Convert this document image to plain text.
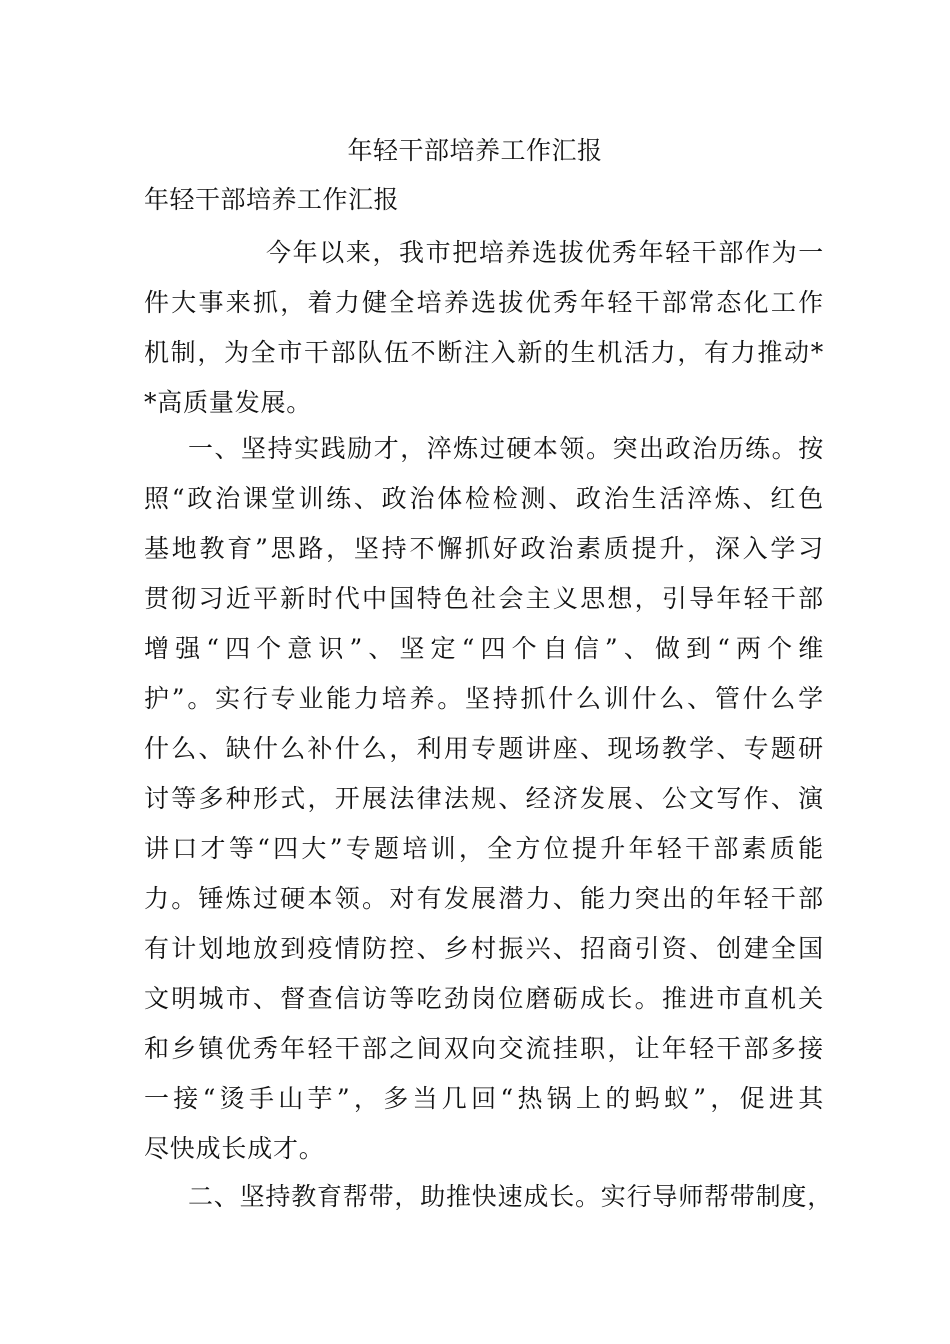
年轻干部培养工作汇报

年轻干部培养工作汇报

今年以来，我市把培养选拔优秀年轻干部作为一
件大事来抓，着力健全培养选拔优秀年轻干部常态化工作
机制，为全市干部队伍不断注入新的生机活力，有力推动*
*高质量发展。
一、坚持实践励才，淬炼过硬本领。突出政治历练。按
照“政治课堂训练、政治体检检测、政治生活淬炼、红色
基地教育”思路，坚持不懈抓好政治素质提升，深入学习
贯彻习近平新时代中国特色社会主义思想，引导年轻干部
增强“四个意识”、坚定“四个自信”、做到“两个维
护”。实行专业能力培养。坚持抓什么训什么、管什么学
什么、缺什么补什么，利用专题讲座、现场教学、专题研
讨等多种形式，开展法律法规、经济发展、公文写作、演
讲口才等“四大”专题培训，全方位提升年轻干部素质能
力。锤炼过硬本领。对有发展潜力、能力突出的年轻干部
有计划地放到疫情防控、乡村振兴、招商引资、创建全国
文明城市、督查信访等吃劲岗位磨砺成长。推进市直机关
和乡镇优秀年轻干部之间双向交流挂职，让年轻干部多接
一接“烫手山芋”，多当几回“热锅上的蚂蚁”，促进其
尽快成长成才。
二、坚持教育帮带，助推快速成长。实行导师帮带制度，
